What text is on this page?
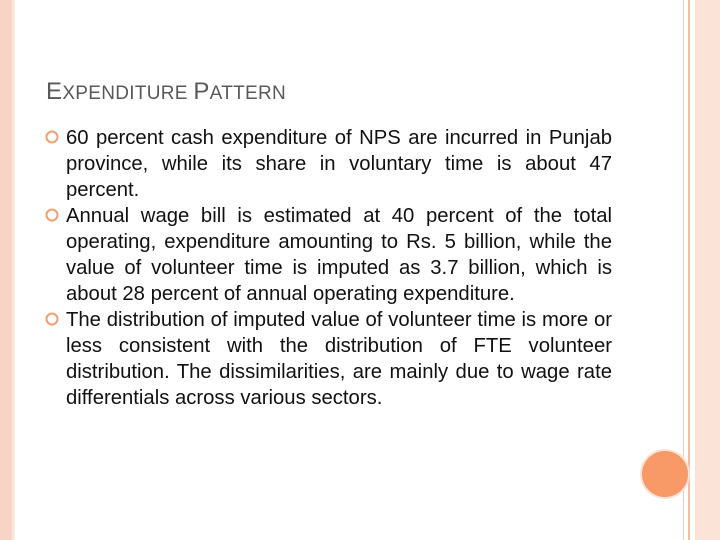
EXPENDITURE PATTERN
60 percent cash expenditure of NPS are incurred in Punjab province, while its share in voluntary time is about 47 percent.
Annual wage bill is estimated at 40 percent of the total operating, expenditure amounting to Rs. 5 billion, while the value of volunteer time is imputed as 3.7 billion, which is about 28 percent of annual operating expenditure.
The distribution of imputed value of volunteer time is more or less consistent with the distribution of FTE volunteer distribution. The dissimilarities, are mainly due to wage rate differentials across various sectors.
